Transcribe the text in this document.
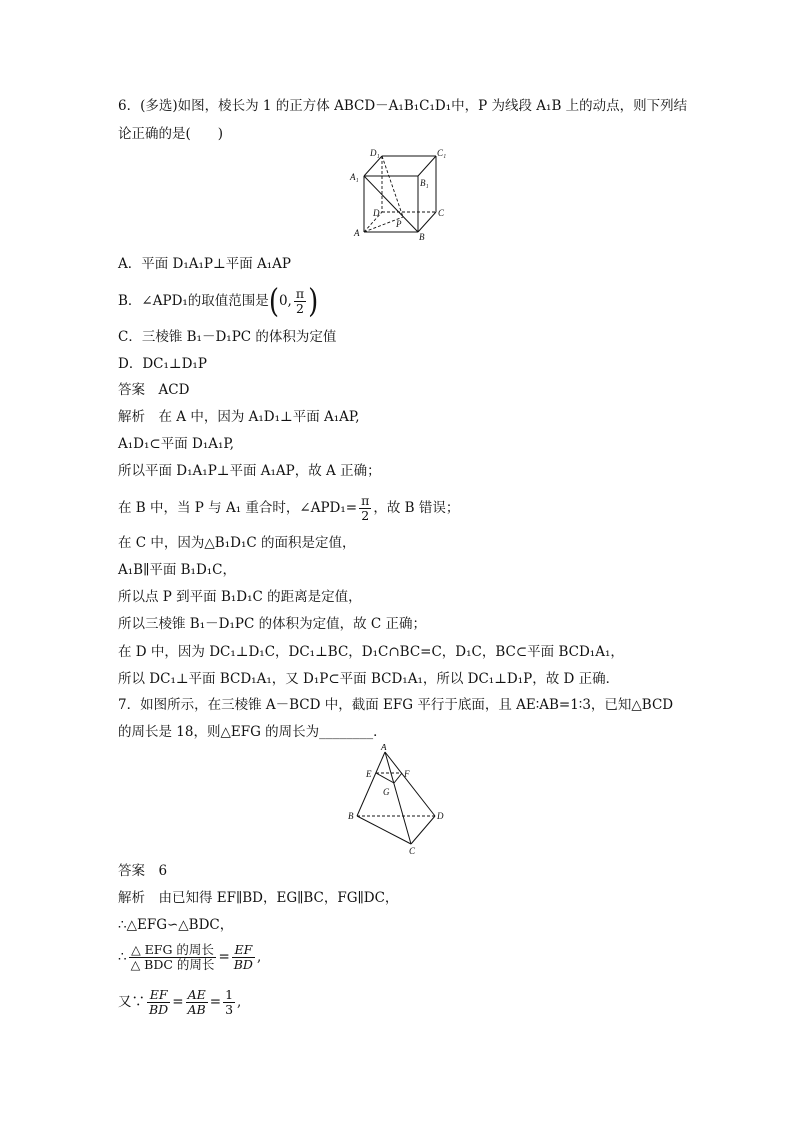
6．(多选)如图，棱长为 1 的正方体 ABCD－A₁B₁C₁D₁中，P 为线段 A₁B 上的动点，则下列结
论正确的是(　　)
D₁	C₁
A₁
B₁
D	C
A	B
P
A．平面 D₁A₁P⊥平面 A₁AP
B．∠APD₁的取值范围是(0, $\frac{\pi}{2}$ )
C．三棱锥 B₁－D₁PC 的体积为定值
D．DC₁⊥D₁P
答案　ACD
解析　在 A 中，因为 A₁D₁⊥平面 A₁AP,
A₁D₁⊂平面 D₁A₁P,
所以平面 D₁A₁P⊥平面 A₁AP，故 A 正确；
在 B 中，当 P 与 A₁ 重合时，∠APD₁= $\frac{\pi}{2}$ ，故 B 错误；
在 C 中，因为△B₁D₁C 的面积是定值，
A₁B∥平面 B₁D₁C，
所以点 P 到平面 B₁D₁C 的距离是定值，
所以三棱锥 B₁－D₁PC 的体积为定值，故 C 正确；
在 D 中，因为 DC₁⊥D₁C，DC₁⊥BC，D₁C∩BC=C，D₁C，BC⊂平面 BCD₁A₁，
所以 DC₁⊥平面 BCD₁A₁，又 D₁P⊂平面 BCD₁A₁，所以 DC₁⊥D₁P，故 D 正确．
7．如图所示，在三棱锥 A－BCD 中，截面 EFG 平行于底面，且 AE∶AB=1∶3，已知△BCD
的周长是 18，则△EFG 的周长为________．
A
E	F
G
B	D
C
答案　6
解析　由已知得 EF∥BD，EG∥BC，FG∥DC，
∴△EFG∽△BDC，
∴ $\frac{\text{△ EFG 的周长}}{\text{△ BDC 的周长}} = \frac{EF}{BD}$ ,
又∵ $\frac{EF}{BD} = \frac{AE}{AB} = \frac{1}{3}$ ,
